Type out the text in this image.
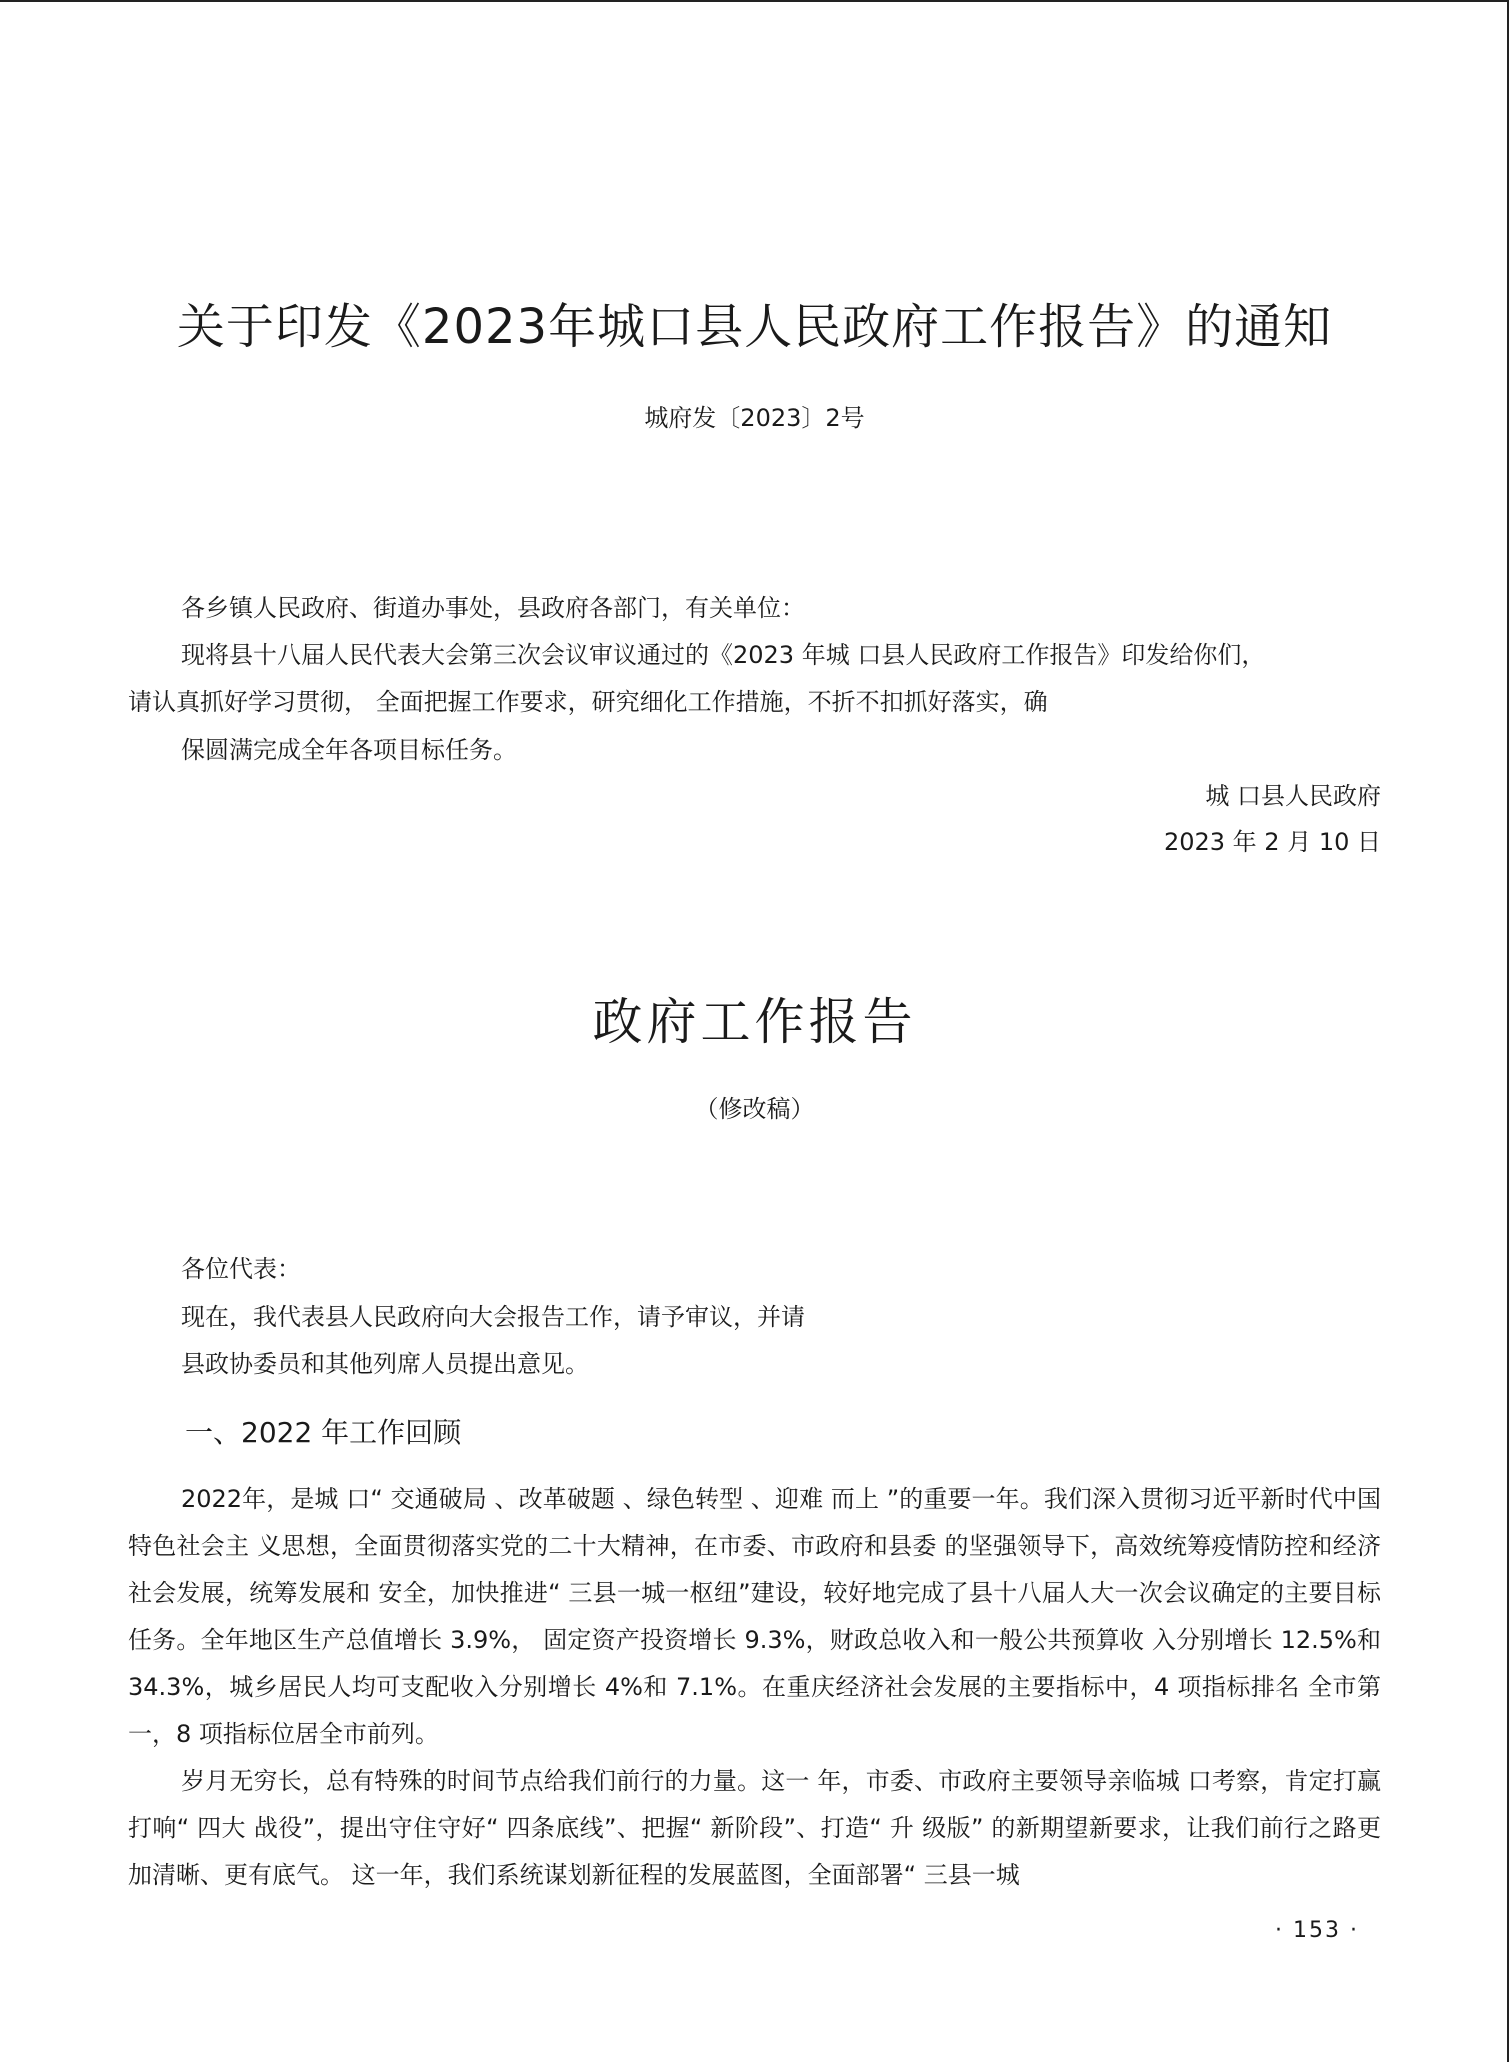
关于印发《2023年城口县人民政府工作报告》的通知
城府发〔2023〕2号
各乡镇人民政府、街道办事处，县政府各部门，有关单位：
现将县十八届人民代表大会第三次会议审议通过的《2023 年城 口县人民政府工作报告》印发给你们，
请认真抓好学习贯彻， 全面把握工作要求，研究细化工作措施，不折不扣抓好落实，确
保圆满完成全年各项目标任务。
城 口县人民政府
2023 年 2 月 10 日
政府工作报告
（修改稿）
各位代表：
现在，我代表县人民政府向大会报告工作，请予审议，并请
县政协委员和其他列席人员提出意见。
一、2022 年工作回顾

2022年，是城 口“ 交通破局 、改革破题 、绿色转型 、迎难 而上 ”的重要一年。我们深入贯彻习近平新时代中国特色社会主 义思想，全面贯彻落实党的二十大精神，在市委、市政府和县委 的坚强领导下，高效统筹疫情防控和经济社会发展，统筹发展和 安全，加快推进“ 三县一城一枢纽”建设，较好地完成了县十八届人大一次会议确定的主要目标任务。全年地区生产总值增长 3.9%， 固定资产投资增长 9.3%，财政总收入和一般公共预算收 入分别增长 12.5%和 34.3%，城乡居民人均可支配收入分别增长 4%和 7.1%。在重庆经济社会发展的主要指标中，4 项指标排名 全市第一，8 项指标位居全市前列。

岁月无穷长，总有特殊的时间节点给我们前行的力量。这一 年，市委、市政府主要领导亲临城 口考察，肯定打赢打响“ 四大 战役”，提出守住守好“ 四条底线”、把握“ 新阶段”、打造“ 升 级版” 的新期望新要求，让我们前行之路更加清晰、更有底气。 这一年，我们系统谋划新征程的发展蓝图，全面部署“ 三县一城

· 153 ·
